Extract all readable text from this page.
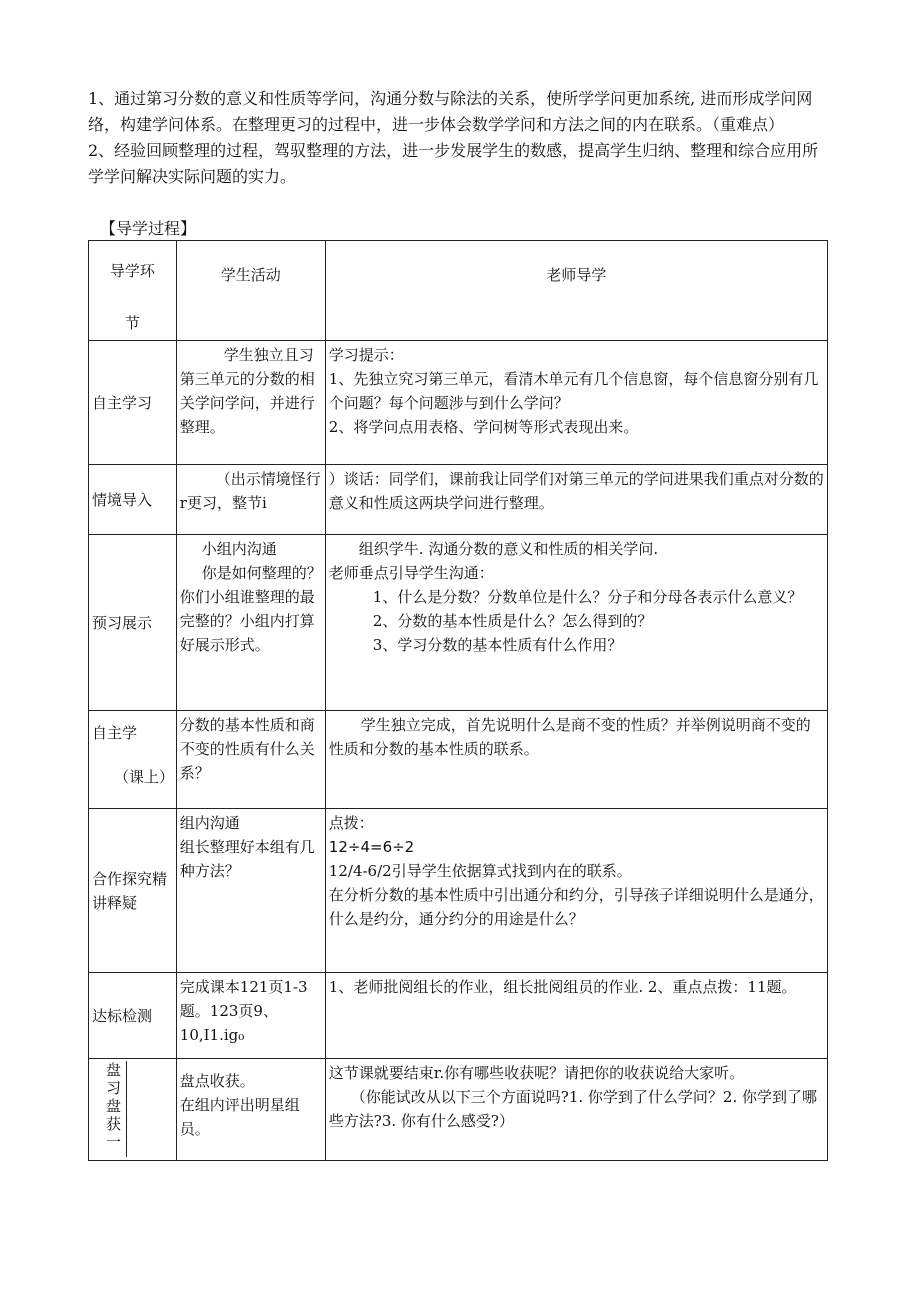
1、通过第习分数的意义和性质等学问，沟通分数与除法的关系，使所学学问更加系统, 进而形成学问网络，构建学问体系。在整理更习的过程中，进一步体会数学学问和方法之间的内在联系。（重难点）

2、经验回顾整理的过程，驾驭整理的方法，进一步发展学生的数感，提高学生归纳、整理和综合应用所学学问解决实际问题的实力。

【导学过程】
导学环
节	学生活动	老师导学

自主学习	学生独立且习第三单元的分数的相关学问学问，并进行整理。	学习提示：
1、先独立究习第三单元，看清木单元有几个信息窗，每个信息窗分别有几个问题？每个问题涉与到什么学问？
2、将学问点用表格、学问树等形式表现出来。

情境导入	（出示情境怪行r更习，整节i	）谈话：同学们，课前我让同学们对第三单元的学问进果我们重点对分数的意义和性质这两块学问进行整理。

预习展示	小组内沟通
你是如何整理的？你们小组谁整理的最完整的？小组内打算好展示形式。	组织学牛. 沟通分数的意义和性质的相关学问.
老师垂点引导学生沟通：
1、什么是分数？分数单位是什么？分子和分母各表示什么意义？
2、分数的基本性质是什么？怎么得到的？
3、学习分数的基本性质有什么作用？

自主学
（课上）	分数的基本性质和商不变的性质有什么关系？	学生独立完成，首先说明什么是商不变的性质？并举例说明商不变的性质和分数的基本性质的联系。
合作探究精讲释疑	组内沟通
组长整理好本组有几种方法？	点拨：
12÷4=6÷2
12/4-6/2引导学生依据算式找到内在的联系。
在分析分数的基本性质中引出通分和约分，引导孩子详细说明什么是通分，什么是约分，通分约分的用途是什么？

达标检测	完成课本121页1-3题。123页9、10,I1.ig₀	1、老师批阅组长的作业，组长批阅组员的作业. 2、重点点拨：11题。

盘习盘获一	盘点收获。
在组内评出明星组员。	这节课就要结束r.你有哪些收获呢？请把你的收获说给大家听。
（你能试改从以下三个方面说吗?1. 你学到了什么学问？2. 你学到了哪些方法?3. 你有什么感受?）
